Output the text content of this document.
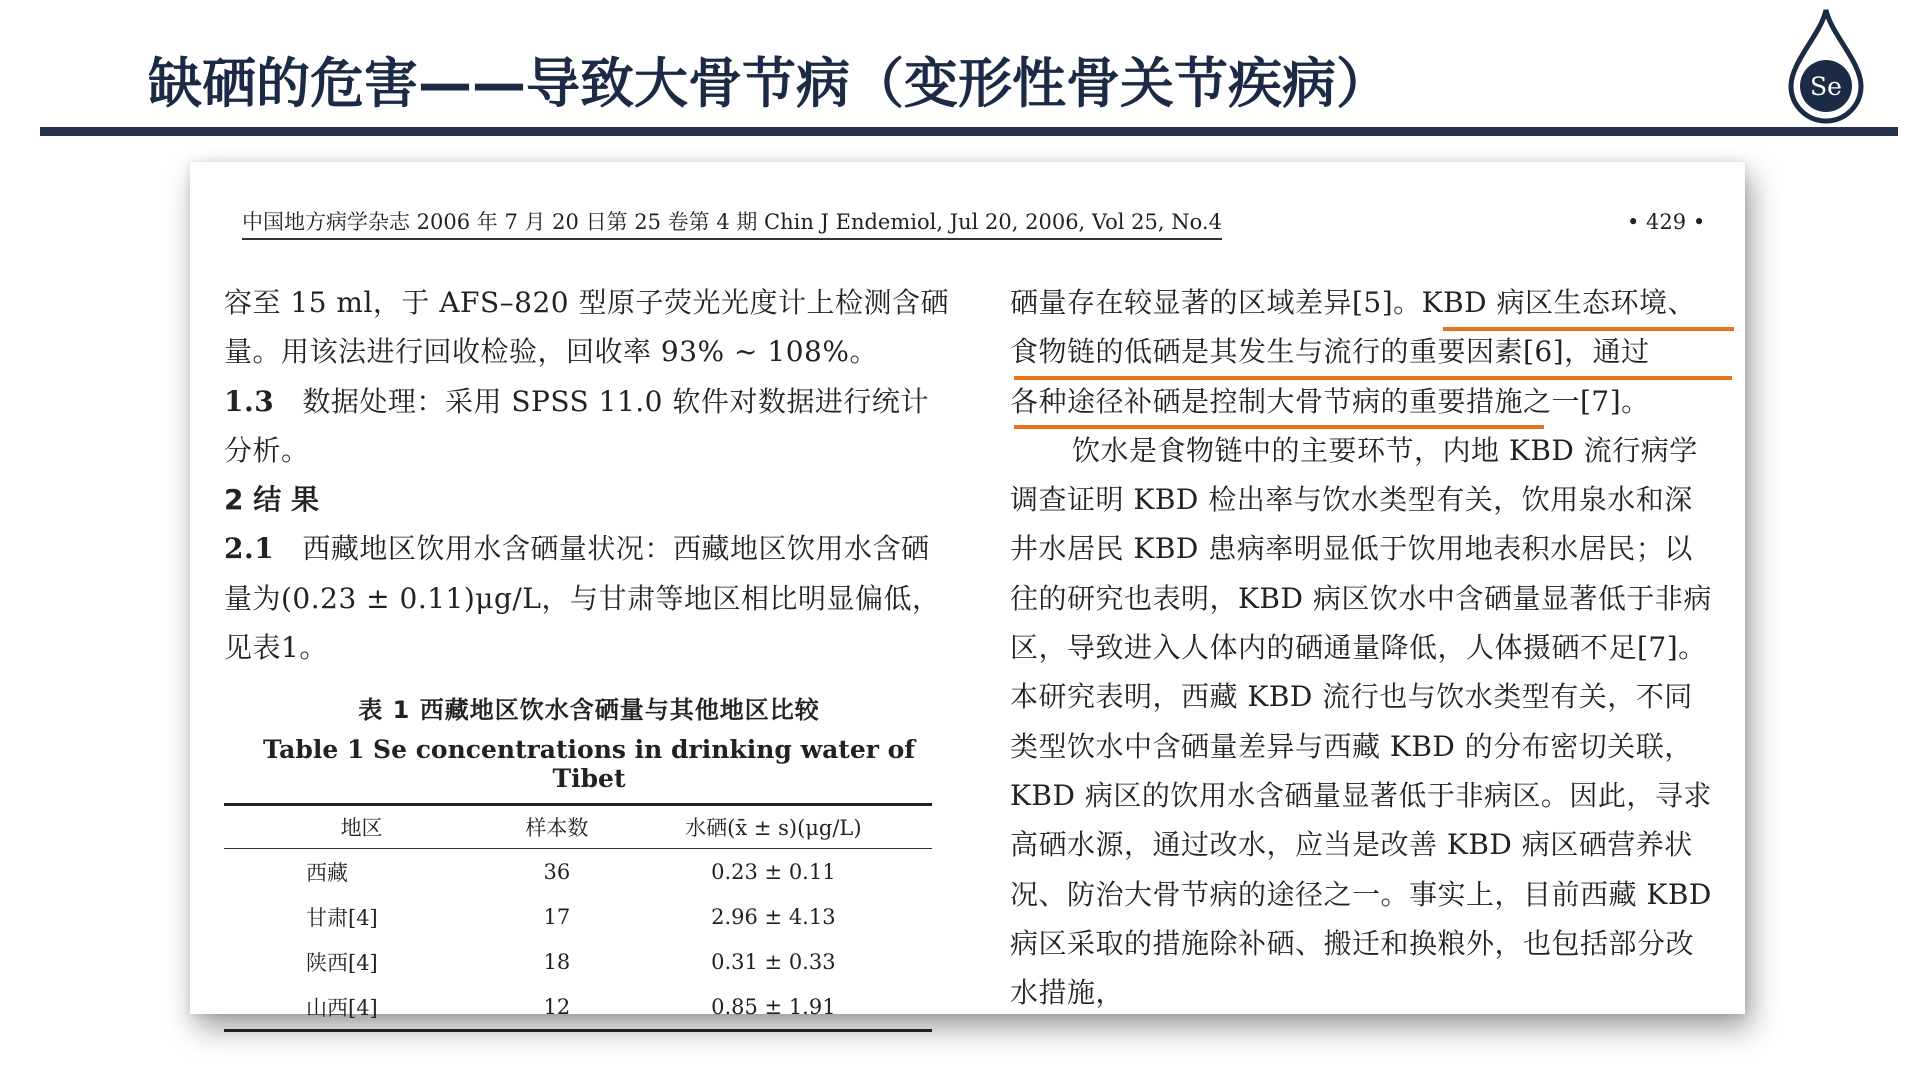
缺硒的危害——导致大骨节病（变形性骨关节疾病）	Se
中国地方病学杂志 2006 年 7 月 20 日第 25 卷第 4 期 Chin J Endemiol, Jul 20, 2006, Vol 25, No.4	• 429 •

容至 15 ml，于 AFS–820 型原子荧光光度计上检测含硒量。用该法进行回收检验，回收率 93% ~ 108%。

1.3 数据处理：采用 SPSS 11.0 软件对数据进行统计分析。

2 结 果

2.1 西藏地区饮用水含硒量状况：西藏地区饮用水含硒量为(0.23 ± 0.11)μg/L，与甘肃等地区相比明显偏低，见表1。

表 1 西藏地区饮水含硒量与其他地区比较
Table 1 Se concentrations in drinking water of Tibet
地区	样本数	水硒(x̄ ± s)(μg/L)
西藏	36	0.23 ± 0.11
甘肃[4]	17	2.96 ± 4.13
陕西[4]	18	0.31 ± 0.33
山西[4]	12	0.85 ± 1.91

硒量存在较显著的区域差异[5]。KBD 病区生态环境、

食物链的低硒是其发生与流行的重要因素[6]，通过

各种途径补硒是控制大骨节病的重要措施之一[7]。

饮水是食物链中的主要环节，内地 KBD 流行病学调查证明 KBD 检出率与饮水类型有关，饮用泉水和深井水居民 KBD 患病率明显低于饮用地表积水居民；以往的研究也表明，KBD 病区饮水中含硒量显著低于非病区，导致进入人体内的硒通量降低，人体摄硒不足[7]。本研究表明，西藏 KBD 流行也与饮水类型有关，不同类型饮水中含硒量差异与西藏 KBD 的分布密切关联，KBD 病区的饮用水含硒量显著低于非病区。因此，寻求高硒水源，通过改水，应当是改善 KBD 病区硒营养状况、防治大骨节病的途径之一。事实上，目前西藏 KBD 病区采取的措施除补硒、搬迁和换粮外，也包括部分改水措施，
